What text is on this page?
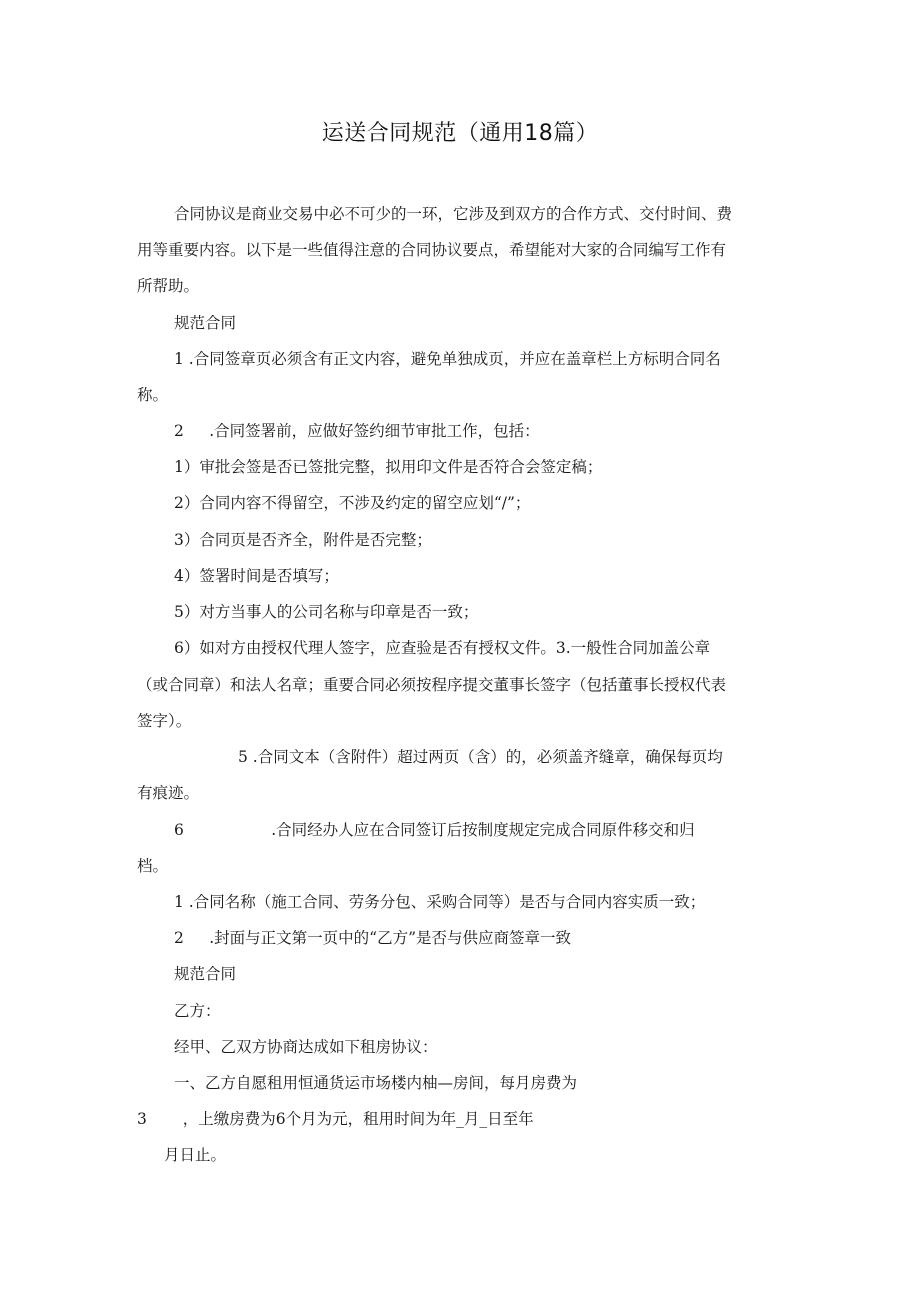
运送合同规范（通用18篇）
合同协议是商业交易中必不可少的一环，它涉及到双方的合作方式、交付时间、费
用等重要内容。以下是一些值得注意的合同协议要点，希望能对大家的合同编写工作有
所帮助。
规范合同
1 .合同签章页必须含有正文内容，避免单独成页，并应在盖章栏上方标明合同名
称。
2 　 .合同签署前，应做好签约细节审批工作，包括：
1）审批会签是否已签批完整，拟用印文件是否符合会签定稿；
2）合同内容不得留空，不涉及约定的留空应划“/”；
3）合同页是否齐全，附件是否完整；
4）签署时间是否填写；
5）对方当事人的公司名称与印章是否一致；
6）如对方由授权代理人签字，应查验是否有授权文件。3.一般性合同加盖公章
（或合同章）和法人名章；重要合同必须按程序提交董事长签字（包括董事长授权代表
签字）。
5 .合同文本（含附件）超过两页（含）的，必须盖齐缝章，确保每页均
有痕迹。
6 　　　　　 .合同经办人应在合同签订后按制度规定完成合同原件移交和归
档。
1 .合同名称（施工合同、劳务分包、采购合同等）是否与合同内容实质一致；
2 　 .封面与正文第一页中的“乙方”是否与供应商签章一致
规范合同
乙方：
经甲、乙双方协商达成如下租房协议：
一、乙方自愿租用恒通货运市场楼内柚—房间，每月房费为
3 　　，上缴房费为6个月为元，租用时间为年_月_日至年
月日止。
